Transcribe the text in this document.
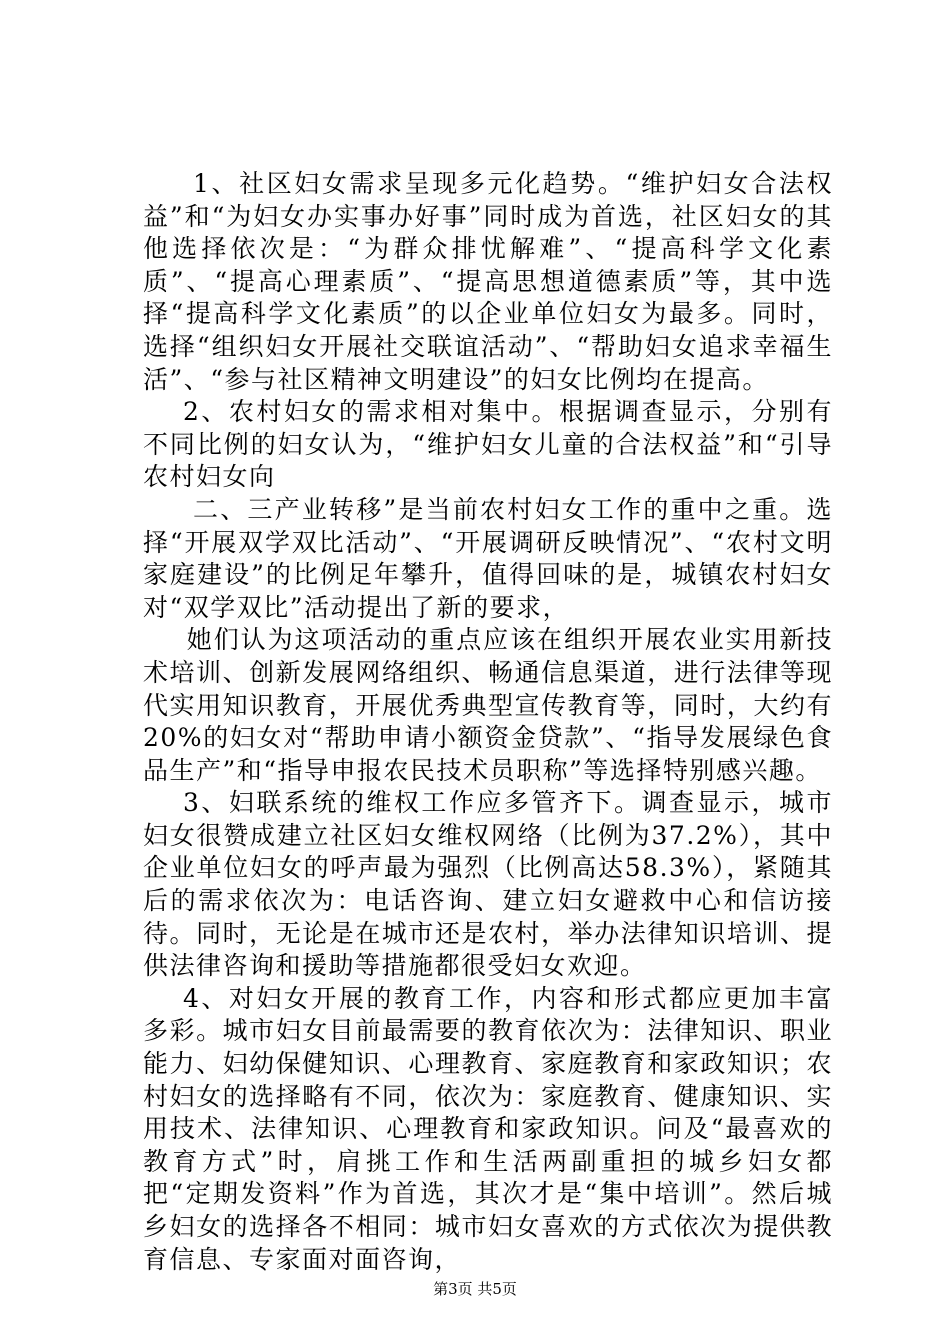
1、社区妇女需求呈现多元化趋势。“维护妇女合法权益”和“为妇女办实事办好事”同时成为首选，社区妇女的其他选择依次是：“为群众排忧解难”、“提高科学文化素质”、“提高心理素质”、“提高思想道德素质”等，其中选择“提高科学文化素质”的以企业单位妇女为最多。同时，选择“组织妇女开展社交联谊活动”、“帮助妇女追求幸福生活”、“参与社区精神文明建设”的妇女比例均在提高。

2、农村妇女的需求相对集中。根据调查显示，分别有不同比例的妇女认为，“维护妇女儿童的合法权益”和“引导农村妇女向

二、三产业转移”是当前农村妇女工作的重中之重。选择“开展双学双比活动”、“开展调研反映情况”、“农村文明家庭建设”的比例足年攀升，值得回味的是，城镇农村妇女对“双学双比”活动提出了新的要求，

她们认为这项活动的重点应该在组织开展农业实用新技术培训、创新发展网络组织、畅通信息渠道，进行法律等现代实用知识教育，开展优秀典型宣传教育等，同时，大约有20%的妇女对“帮助申请小额资金贷款”、“指导发展绿色食品生产”和“指导申报农民技术员职称”等选择特别感兴趣。

3、妇联系统的维权工作应多管齐下。调查显示，城市妇女很赞成建立社区妇女维权网络（比例为37.2%），其中企业单位妇女的呼声最为强烈（比例高达58.3%），紧随其后的需求依次为：电话咨询、建立妇女避救中心和信访接待。同时，无论是在城市还是农村，举办法律知识培训、提供法律咨询和援助等措施都很受妇女欢迎。

4、对妇女开展的教育工作，内容和形式都应更加丰富多彩。城市妇女目前最需要的教育依次为：法律知识、职业能力、妇幼保健知识、心理教育、家庭教育和家政知识；农村妇女的选择略有不同，依次为：家庭教育、健康知识、实用技术、法律知识、心理教育和家政知识。问及“最喜欢的教育方式”时，肩挑工作和生活两副重担的城乡妇女都把“定期发资料”作为首选，其次才是“集中培训”。然后城乡妇女的选择各不相同：城市妇女喜欢的方式依次为提供教育信息、专家面对面咨询，

第3页 共5页
